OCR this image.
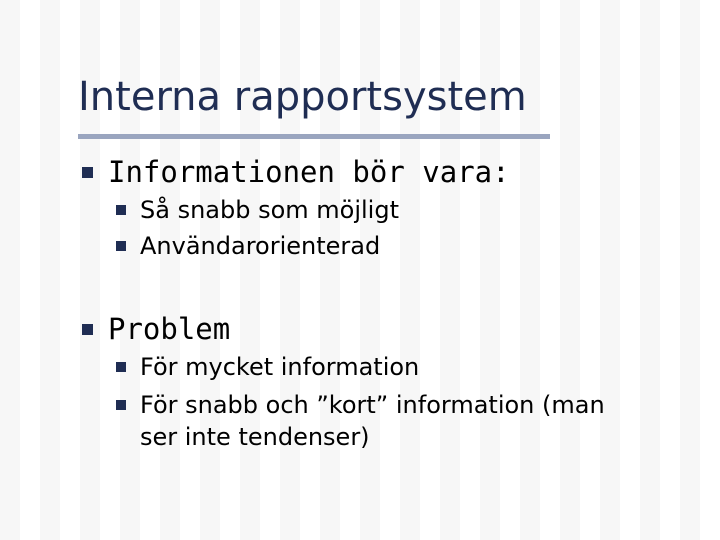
Interna rapportsystem
Informationen bör vara:
Så snabb som möjligt
Användarorienterad
Problem
För mycket information
För snabb och ”kort” information (man
ser inte tendenser)
